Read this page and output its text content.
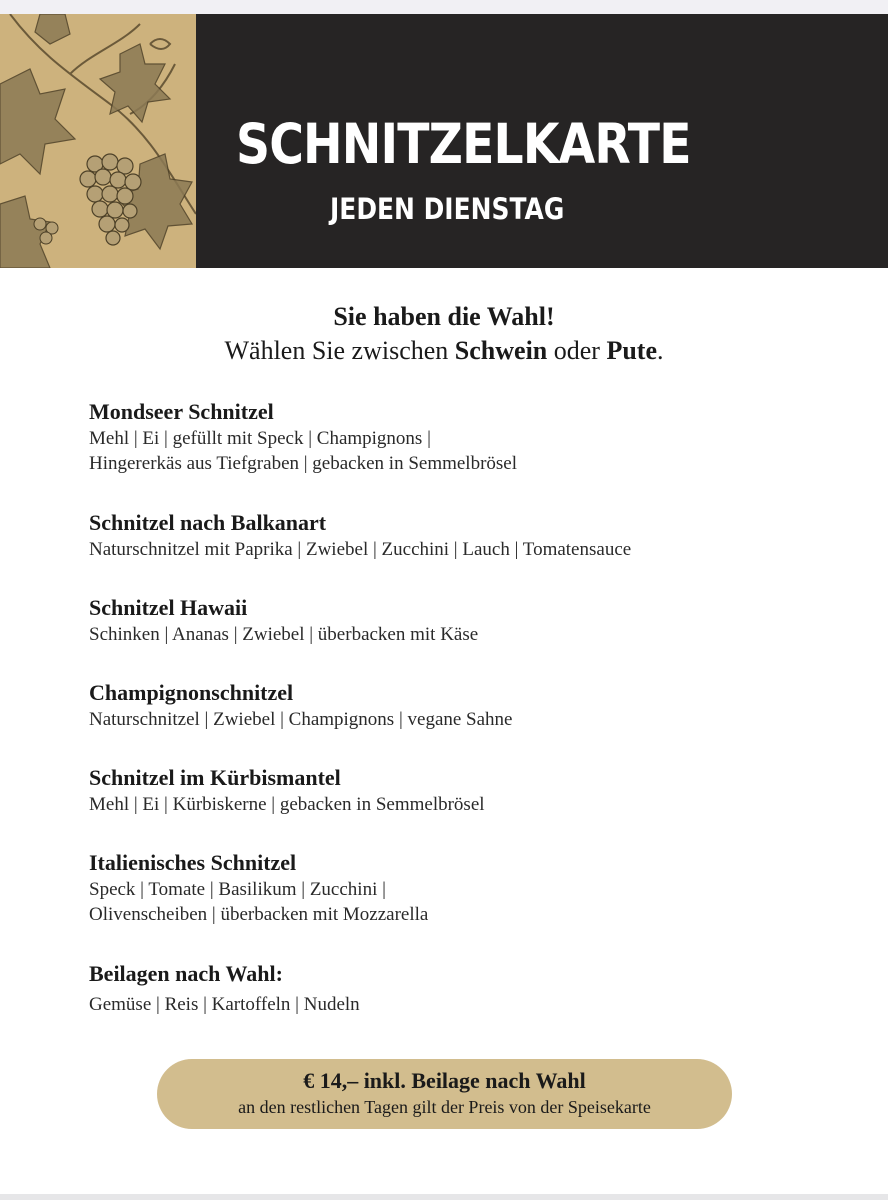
SCHNITZELKARTE
JEDEN DIENSTAG
Sie haben die Wahl!
Wählen Sie zwischen Schwein oder Pute.
Mondseer Schnitzel
Mehl | Ei | gefüllt mit Speck | Champignons |
Hingererkäs aus Tiefgraben | gebacken in Semmelbrösel
Schnitzel nach Balkanart
Naturschnitzel mit Paprika | Zwiebel | Zucchini | Lauch | Tomatensauce
Schnitzel Hawaii
Schinken | Ananas | Zwiebel | überbacken mit Käse
Champignonschnitzel
Naturschnitzel | Zwiebel | Champignons | vegane Sahne
Schnitzel im Kürbismantel
Mehl | Ei | Kürbiskerne | gebacken in Semmelbrösel
Italienisches Schnitzel
Speck | Tomate | Basilikum | Zucchini |
Olivenscheiben | überbacken mit Mozzarella
Beilagen nach Wahl:
Gemüse | Reis | Kartoffeln | Nudeln
€ 14,– inkl. Beilage nach Wahl
an den restlichen Tagen gilt der Preis von der Speisekarte
